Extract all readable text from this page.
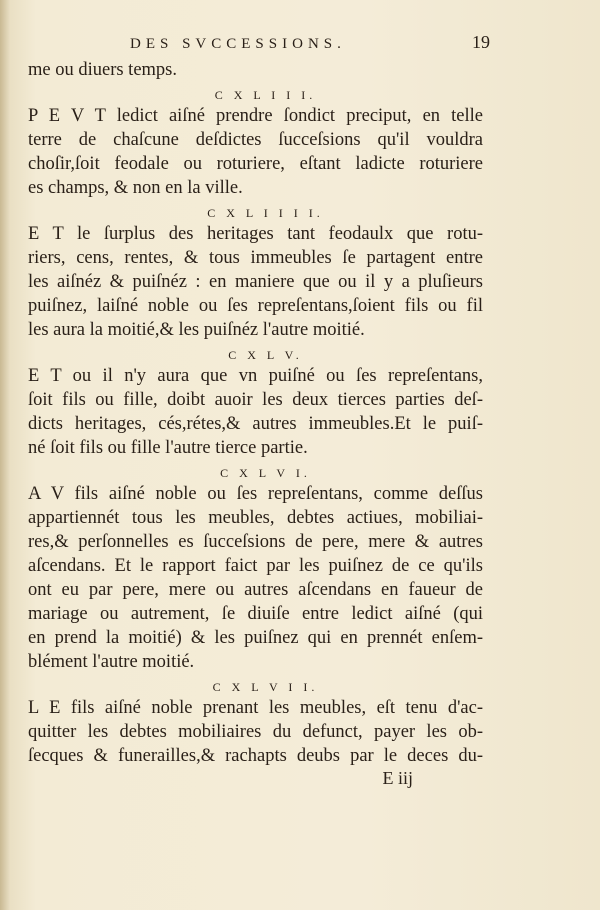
DES SVCCESSIONS.	19
me ou diuers temps.
C X L I I I.
P E V T ledict aiſné prendre ſondict preciput, en telle
terre de chaſcune deſdictes ſucceſsions qu'il vouldra
choſir,ſoit feodale ou roturiere, eſtant ladicte roturiere
es champs, & non en la ville.
C X L I I I I.
E T le ſurplus des heritages tant feodaulx que rotu-
riers, cens, rentes, & tous immeubles ſe partagent entre
les aiſnéz & puiſnéz : en maniere que ou il y a pluſieurs
puiſnez, laiſné noble ou ſes repreſentans,ſoient fils ou fil
les aura la moitié,& les puiſnéz l'autre moitié.
C X L V.
E T ou il n'y aura que vn puiſné ou ſes repreſentans,
ſoit fils ou fille, doibt auoir les deux tierces parties deſ-
dicts heritages, cés,rétes,& autres immeubles.Et le puiſ-
né ſoit fils ou fille l'autre tierce partie.
C X L V I.
A V fils aiſné noble ou ſes repreſentans, comme deſſus
appartiennét tous les meubles, debtes actiues, mobiliai-
res,& perſonnelles es ſucceſsions de pere, mere & autres
aſcendans. Et le rapport faict par les puiſnez de ce qu'ils
ont eu par pere, mere ou autres aſcendans en faueur de
mariage ou autrement, ſe diuiſe entre ledict aiſné (qui
en prend la moitié) & les puiſnez qui en prennét enſem-
blément l'autre moitié.
C X L V I I.
L E fils aiſné noble prenant les meubles, eſt tenu d'ac-
quitter les debtes mobiliaires du defunct, payer les ob-
ſecques & funerailles,& rachapts deubs par le deces du-
E iij
